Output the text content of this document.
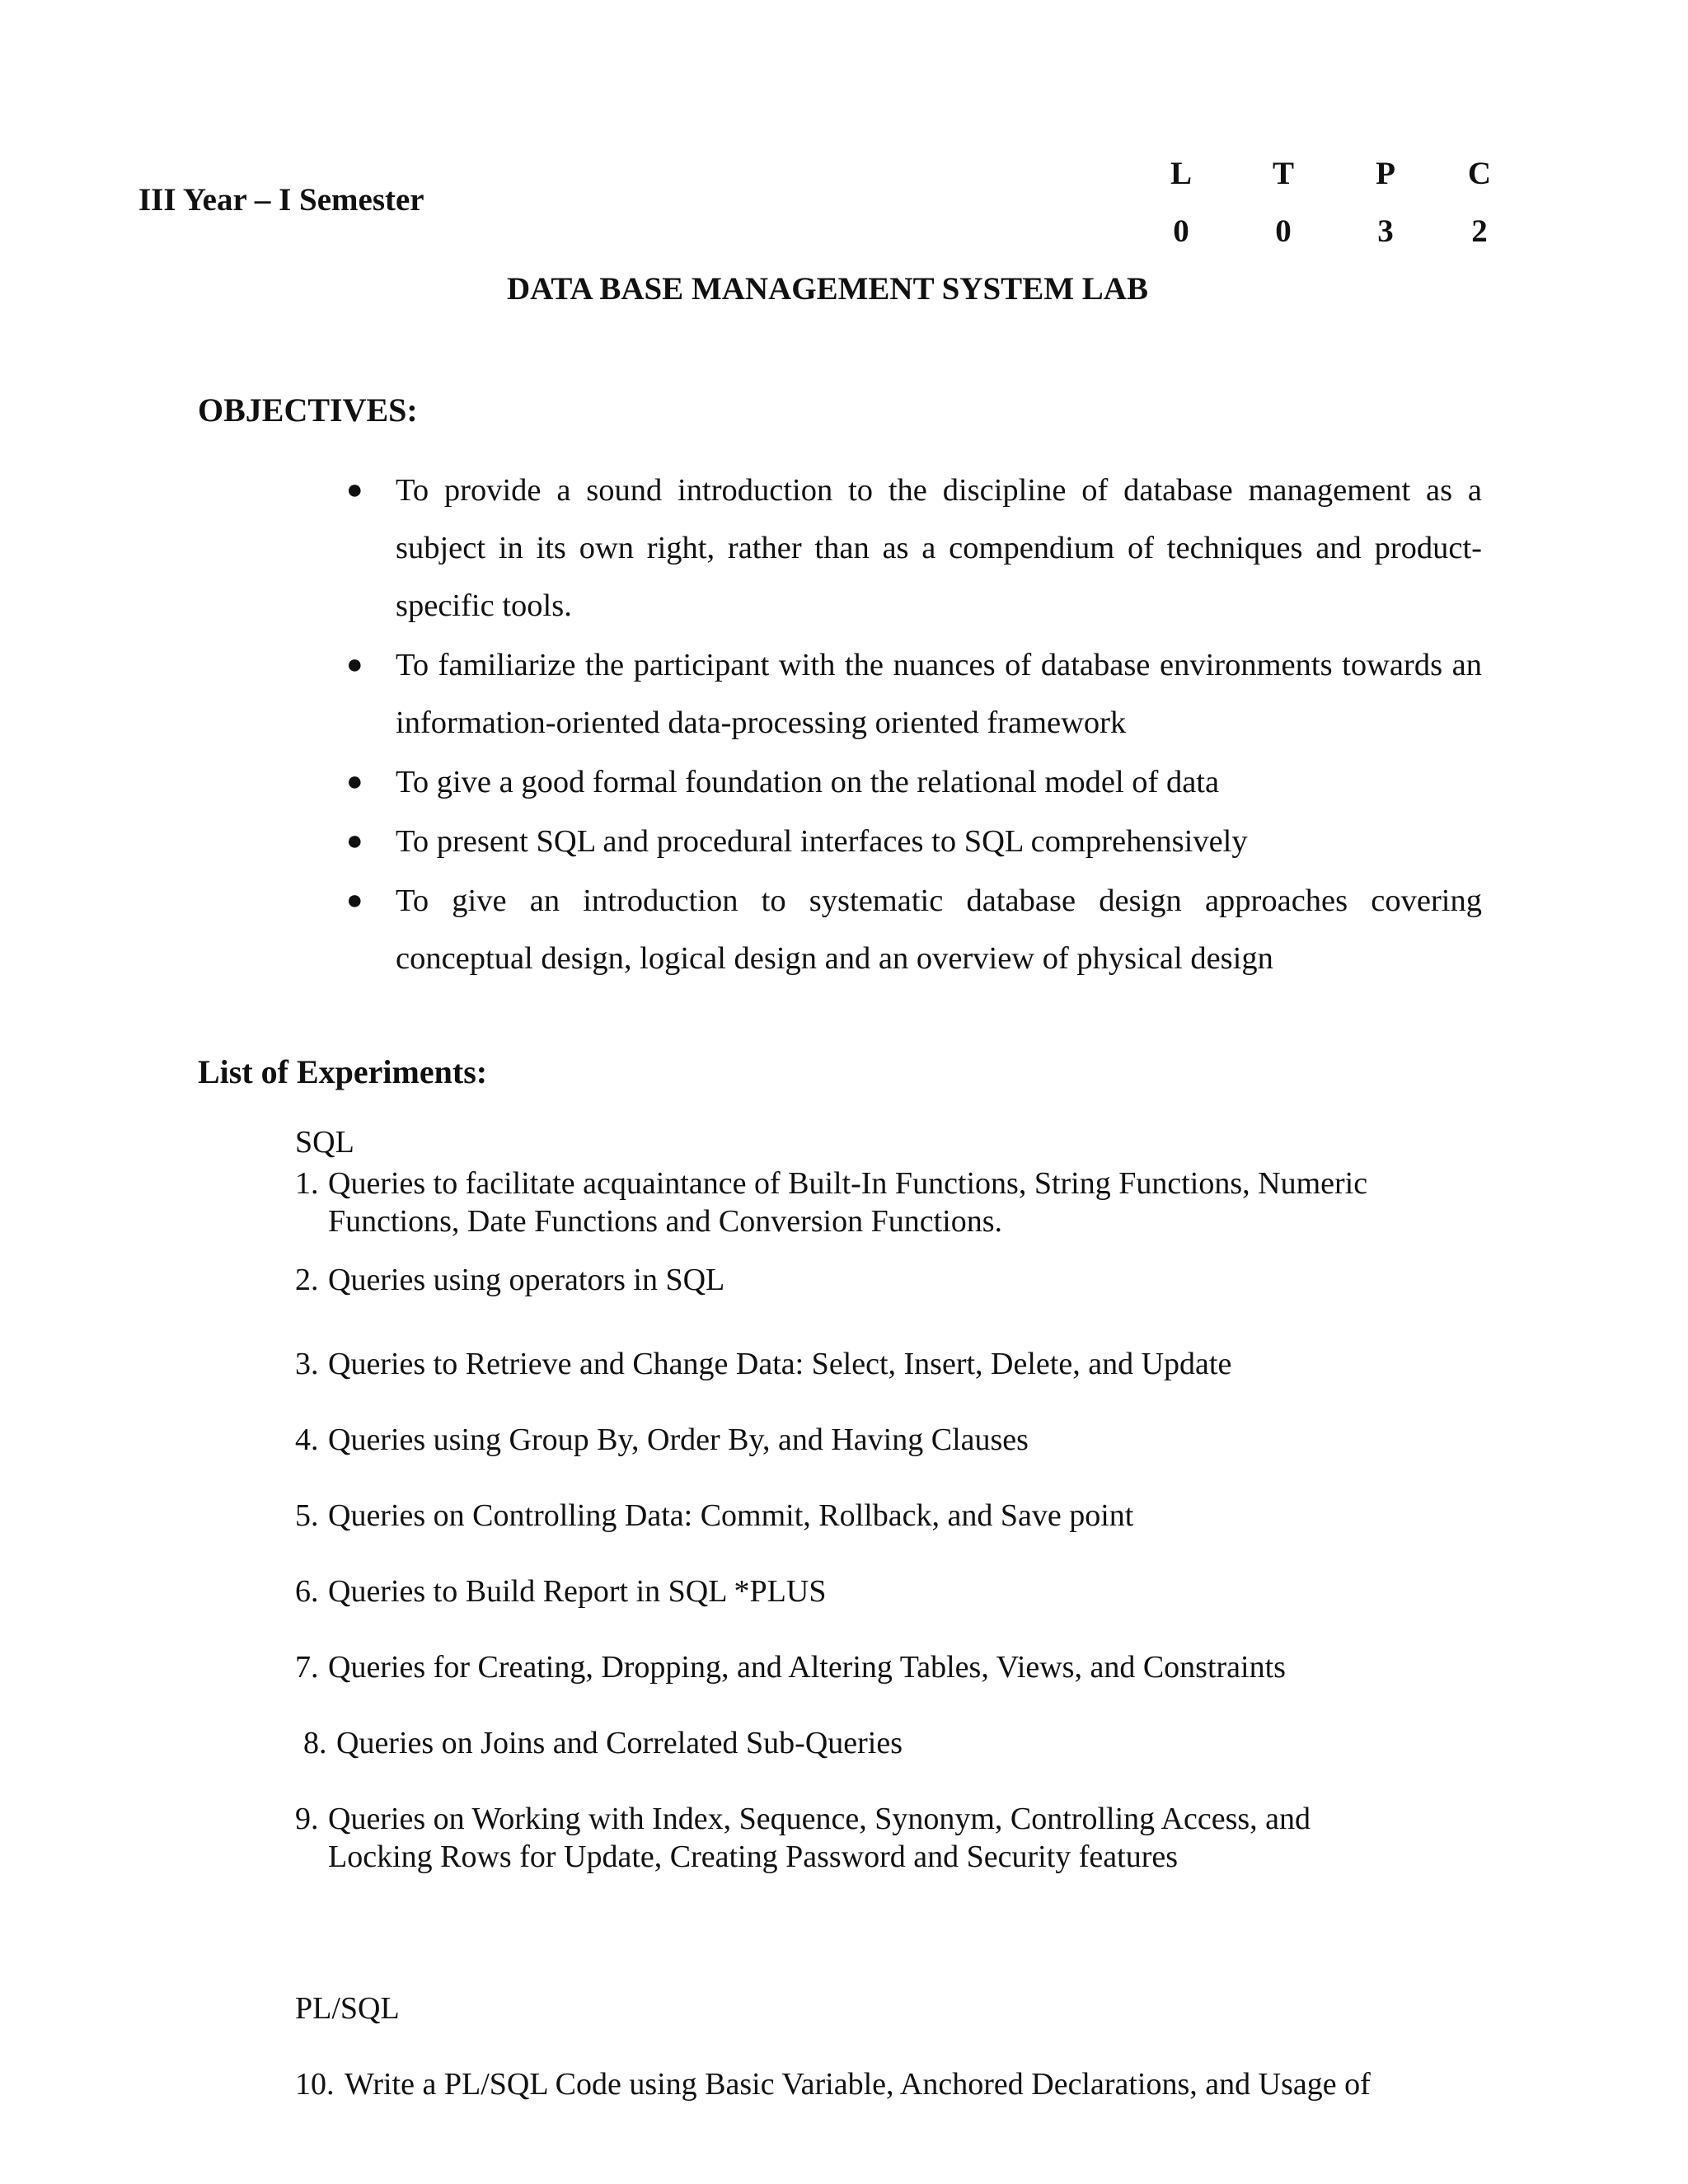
III Year – I Semester
L	T	P	C
0	0	3	2
DATA BASE MANAGEMENT SYSTEM LAB
OBJECTIVES:
● To provide a sound introduction to the discipline of database management as a subject in its own right, rather than as a compendium of techniques and product-specific tools.
● To familiarize the participant with the nuances of database environments towards an information-oriented data-processing oriented framework
● To give a good formal foundation on the relational model of data
● To present SQL and procedural interfaces to SQL comprehensively
● To give an introduction to systematic database design approaches covering conceptual design, logical design and an overview of physical design
List of Experiments:
SQL
1. Queries to facilitate acquaintance of Built-In Functions, String Functions, Numeric
Functions, Date Functions and Conversion Functions.
2. Queries using operators in SQL
3. Queries to Retrieve and Change Data: Select, Insert, Delete, and Update
4. Queries using Group By, Order By, and Having Clauses
5. Queries on Controlling Data: Commit, Rollback, and Save point
6. Queries to Build Report in SQL *PLUS
7. Queries for Creating, Dropping, and Altering Tables, Views, and Constraints
8. Queries on Joins and Correlated Sub-Queries
9. Queries on Working with Index, Sequence, Synonym, Controlling Access, and
Locking Rows for Update, Creating Password and Security features
PL/SQL
10. Write a PL/SQL Code using Basic Variable, Anchored Declarations, and Usage of
